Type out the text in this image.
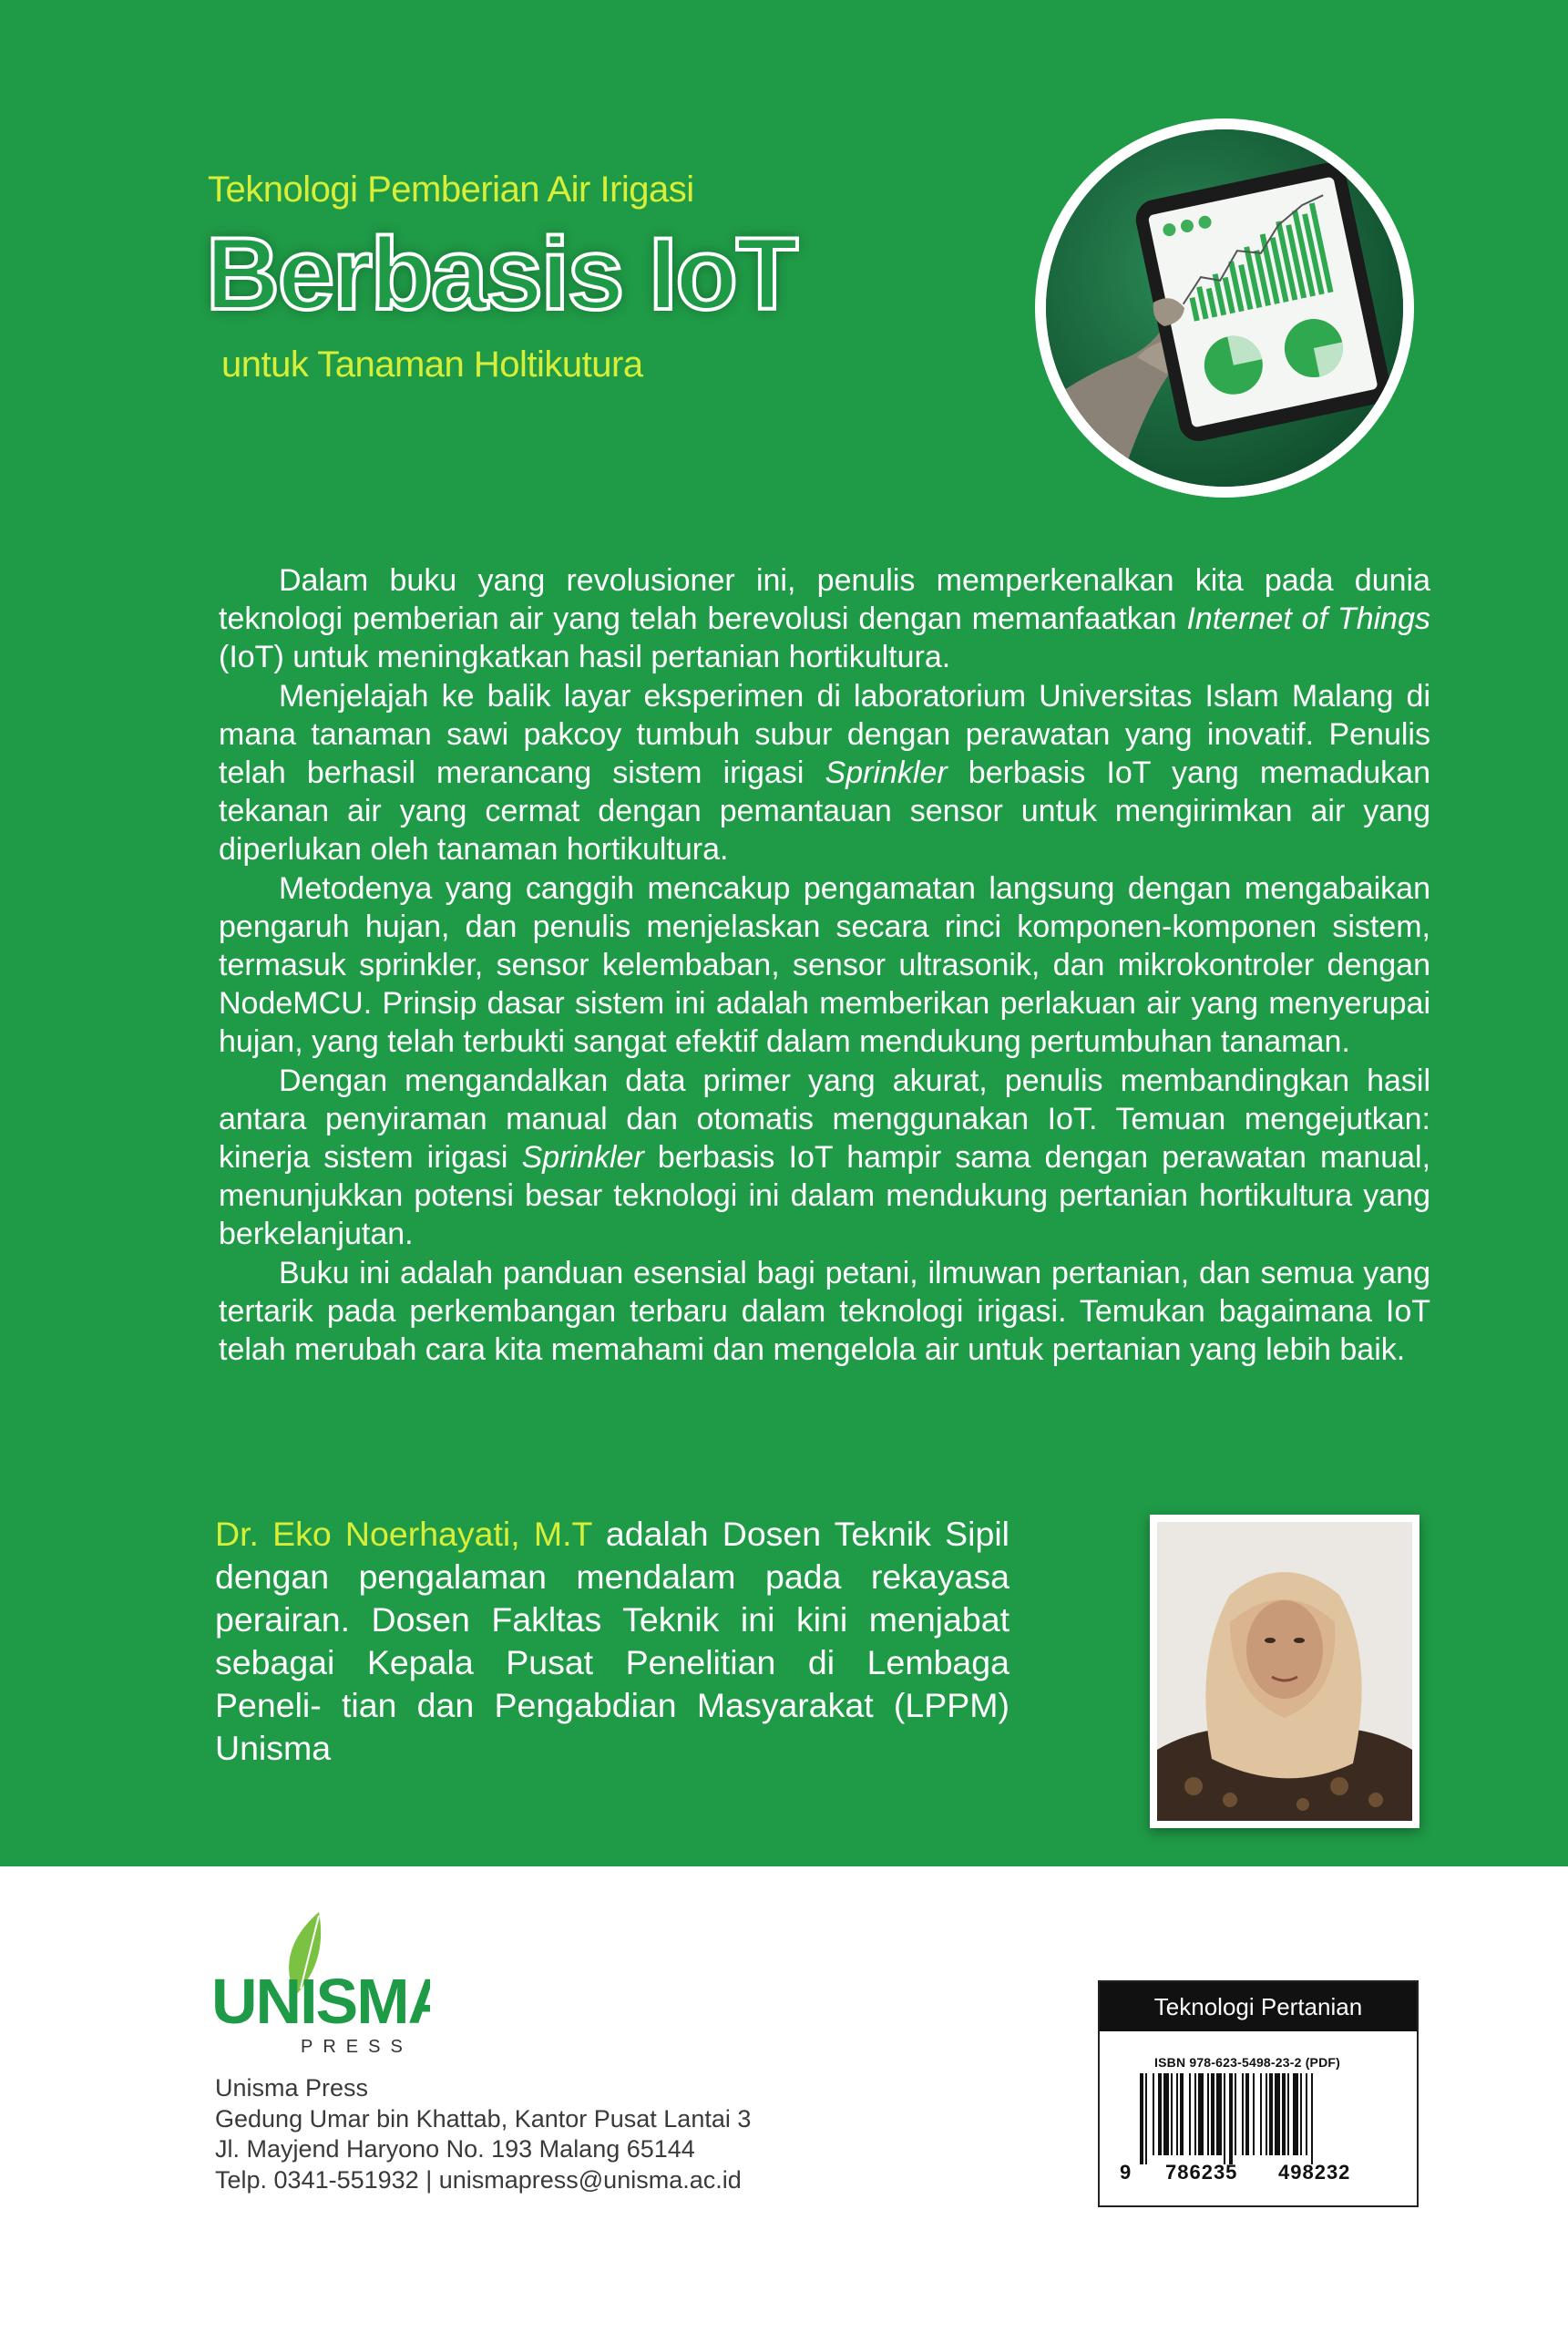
Teknologi Pemberian Air Irigasi
Berbasis IoT
untuk Tanaman Holtikutura

Dalam buku yang revolusioner ini, penulis memperkenalkan kita pada dunia teknologi pemberian air yang telah berevolusi dengan memanfaatkan Internet of Things (IoT) untuk meningkatkan hasil pertanian hortikultura.

Menjelajah ke balik layar eksperimen di laboratorium Universitas Islam Malang di mana tanaman sawi pakcoy tumbuh subur dengan perawatan yang inovatif. Penulis telah berhasil merancang sistem irigasi Sprinkler berbasis IoT yang memadukan tekanan air yang cermat dengan pemantauan sensor untuk mengirimkan air yang diperlukan oleh tanaman hortikultura.

Metodenya yang canggih mencakup pengamatan langsung dengan mengabaikan pengaruh hujan, dan penulis menjelaskan secara rinci komponen-komponen sistem, termasuk sprinkler, sensor kelembaban, sensor ultrasonik, dan mikrokontroler dengan NodeMCU. Prinsip dasar sistem ini adalah memberikan perlakuan air yang menyerupai hujan, yang telah terbukti sangat efektif dalam mendukung pertumbuhan tanaman.

Dengan mengandalkan data primer yang akurat, penulis membandingkan hasil antara penyiraman manual dan otomatis menggunakan IoT. Temuan mengejutkan: kinerja sistem irigasi Sprinkler berbasis IoT hampir sama dengan perawatan manual, menunjukkan potensi besar teknologi ini dalam mendukung pertanian hortikultura yang berkelanjutan.

Buku ini adalah panduan esensial bagi petani, ilmuwan pertanian, dan semua yang tertarik pada perkembangan terbaru dalam teknologi irigasi. Temukan bagaimana IoT telah merubah cara kita memahami dan mengelola air untuk pertanian yang lebih baik.

Dr. Eko Noerhayati, M.T adalah Dosen Teknik Sipil dengan pengalaman mendalam pada rekayasa perairan. Dosen Fakltas Teknik ini kini menjabat sebagai Kepala Pusat Penelitian di Lembaga Peneli- tian dan Pengabdian Masyarakat (LPPM) Unisma
UNISMA
PRESS
Unisma Press
Gedung Umar bin Khattab, Kantor Pusat Lantai 3
Jl. Mayjend Haryono No. 193 Malang 65144
Telp. 0341-551932 | unismapress@unisma.ac.id
Teknologi Pertanian
ISBN 978-623-5498-23-2 (PDF)
9 786235 498232
